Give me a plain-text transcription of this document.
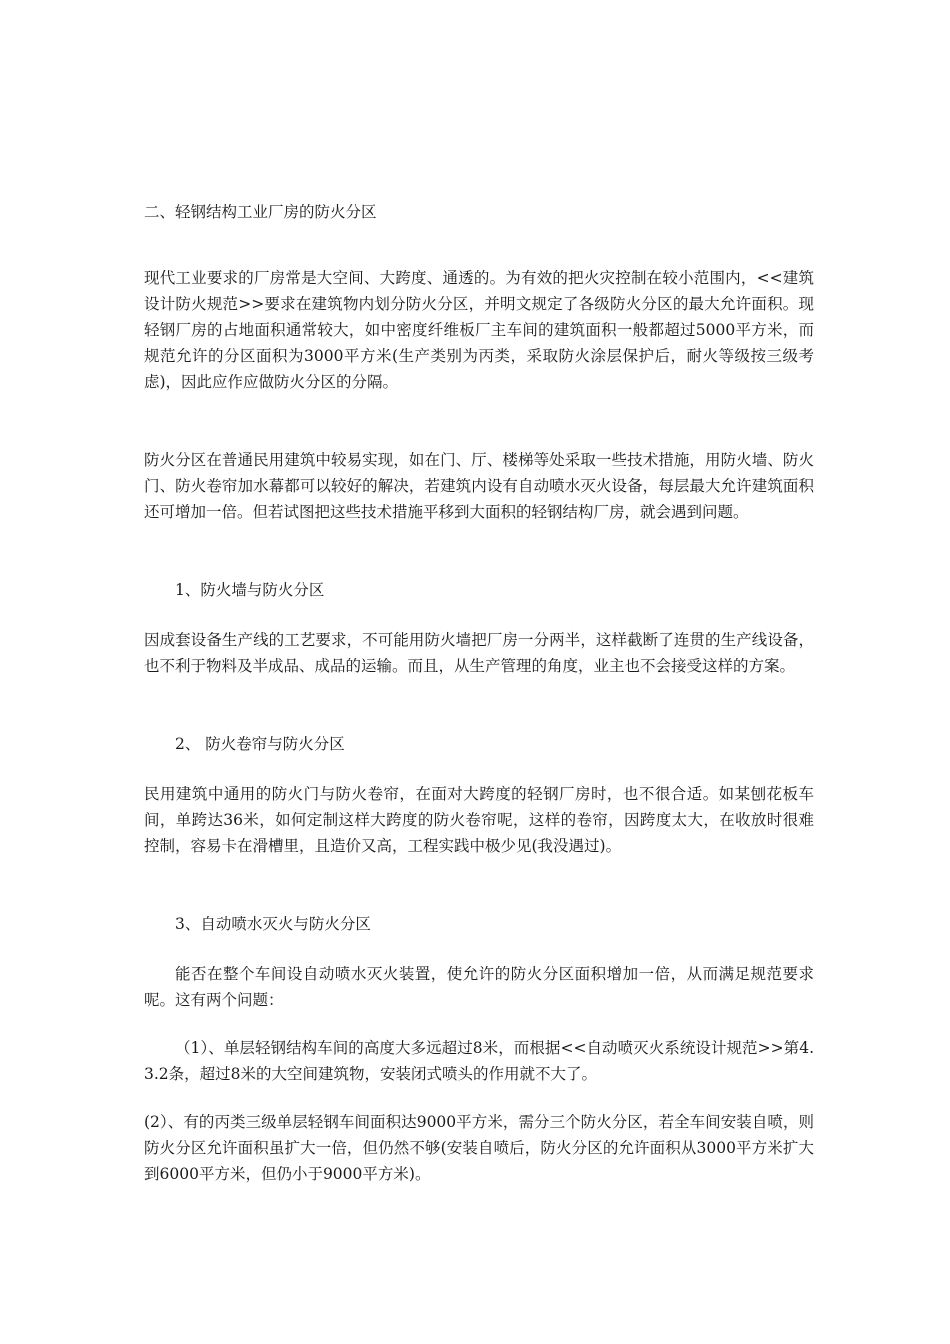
二、轻钢结构工业厂房的防火分区

现代工业要求的厂房常是大空间、大跨度、通透的。为有效的把火灾控制在较小范围内，<<建筑设计防火规范>>要求在建筑物内划分防火分区，并明文规定了各级防火分区的最大允许面积。现轻钢厂房的占地面积通常较大，如中密度纤维板厂主车间的建筑面积一般都超过5000平方米，而规范允许的分区面积为3000平方米(生产类别为丙类，采取防火涂层保护后，耐火等级按三级考虑)，因此应作应做防火分区的分隔。

防火分区在普通民用建筑中较易实现，如在门、厅、楼梯等处采取一些技术措施，用防火墙、防火门、防火卷帘加水幕都可以较好的解决，若建筑内设有自动喷水灭火设备，每层最大允许建筑面积还可增加一倍。但若试图把这些技术措施平移到大面积的轻钢结构厂房，就会遇到问题。

1、防火墙与防火分区

因成套设备生产线的工艺要求，不可能用防火墙把厂房一分两半，这样截断了连贯的生产线设备，也不利于物料及半成品、成品的运输。而且，从生产管理的角度，业主也不会接受这样的方案。

2、 防火卷帘与防火分区

民用建筑中通用的防火门与防火卷帘，在面对大跨度的轻钢厂房时，也不很合适。如某刨花板车间，单跨达36米，如何定制这样大跨度的防火卷帘呢，这样的卷帘，因跨度太大，在收放时很难控制，容易卡在滑槽里，且造价又高，工程实践中极少见(我没遇过)。

3、自动喷水灭火与防火分区

能否在整个车间设自动喷水灭火装置，使允许的防火分区面积增加一倍，从而满足规范要求呢。这有两个问题：

（1）、单层轻钢结构车间的高度大多远超过8米，而根据<<自动喷灭火系统设计规范>>第4.3.2条，超过8米的大空间建筑物，安装闭式喷头的作用就不大了。

(2）、有的丙类三级单层轻钢车间面积达9000平方米，需分三个防火分区，若全车间安装自喷，则防火分区允许面积虽扩大一倍，但仍然不够(安装自喷后，防火分区的允许面积从3000平方米扩大到6000平方米，但仍小于9000平方米)。
